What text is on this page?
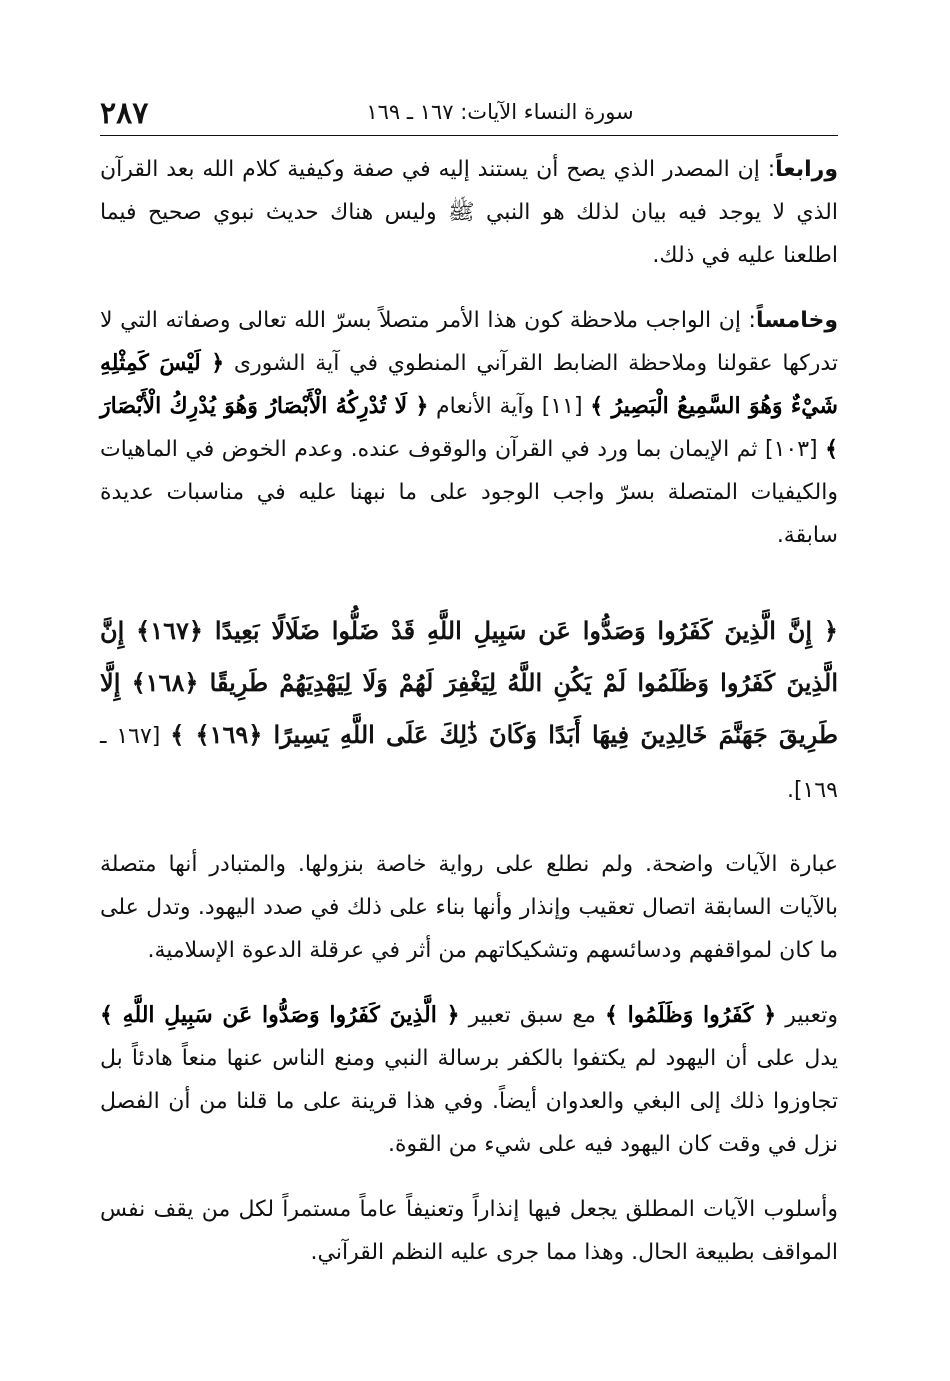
٢٨٧	سورة النساء الآيات: ١٦٧ ـ ١٦٩

ورابعاً: إن المصدر الذي يصح أن يستند إليه في صفة وكيفية كلام الله بعد القرآن الذي لا يوجد فيه بيان لذلك هو النبي ﷺ وليس هناك حديث نبوي صحيح فيما اطلعنا عليه في ذلك.

وخامساً: إن الواجب ملاحظة كون هذا الأمر متصلاً بسرّ الله تعالى وصفاته التي لا تدركها عقولنا وملاحظة الضابط القرآني المنطوي في آية الشورى ﴿ لَيْسَ كَمِثْلِهِ شَيْءٌ وَهُوَ السَّمِيعُ الْبَصِيرُ ﴾ [١١] وآية الأنعام ﴿ لَا تُدْرِكُهُ الْأَبْصَارُ وَهُوَ يُدْرِكُ الْأَبْصَارَ ﴾ [١٠٣] ثم الإيمان بما ورد في القرآن والوقوف عنده. وعدم الخوض في الماهيات والكيفيات المتصلة بسرّ واجب الوجود على ما نبهنا عليه في مناسبات عديدة سابقة.

﴿ إِنَّ الَّذِينَ كَفَرُوا وَصَدُّوا عَن سَبِيلِ اللَّهِ قَدْ ضَلُّوا ضَلَالًا بَعِيدًا ﴿١٦٧﴾ إِنَّ الَّذِينَ كَفَرُوا وَظَلَمُوا لَمْ يَكُنِ اللَّهُ لِيَغْفِرَ لَهُمْ وَلَا لِيَهْدِيَهُمْ طَرِيقًا ﴿١٦٨﴾ إِلَّا طَرِيقَ جَهَنَّمَ خَالِدِينَ فِيهَا أَبَدًا وَكَانَ ذَٰلِكَ عَلَى اللَّهِ يَسِيرًا ﴿١٦٩﴾ ﴾ [١٦٧ ـ ١٦٩].

عبارة الآيات واضحة. ولم نطلع على رواية خاصة بنزولها. والمتبادر أنها متصلة بالآيات السابقة اتصال تعقيب وإنذار وأنها بناء على ذلك في صدد اليهود. وتدل على ما كان لمواقفهم ودسائسهم وتشكيكاتهم من أثر في عرقلة الدعوة الإسلامية.

وتعبير ﴿ كَفَرُوا وَظَلَمُوا ﴾ مع سبق تعبير ﴿ الَّذِينَ كَفَرُوا وَصَدُّوا عَن سَبِيلِ اللَّهِ ﴾ يدل على أن اليهود لم يكتفوا بالكفر برسالة النبي ومنع الناس عنها منعاً هادئاً بل تجاوزوا ذلك إلى البغي والعدوان أيضاً. وفي هذا قرينة على ما قلنا من أن الفصل نزل في وقت كان اليهود فيه على شيء من القوة.

وأسلوب الآيات المطلق يجعل فيها إنذاراً وتعنيفاً عاماً مستمراً لكل من يقف نفس المواقف بطبيعة الحال. وهذا مما جرى عليه النظم القرآني.
